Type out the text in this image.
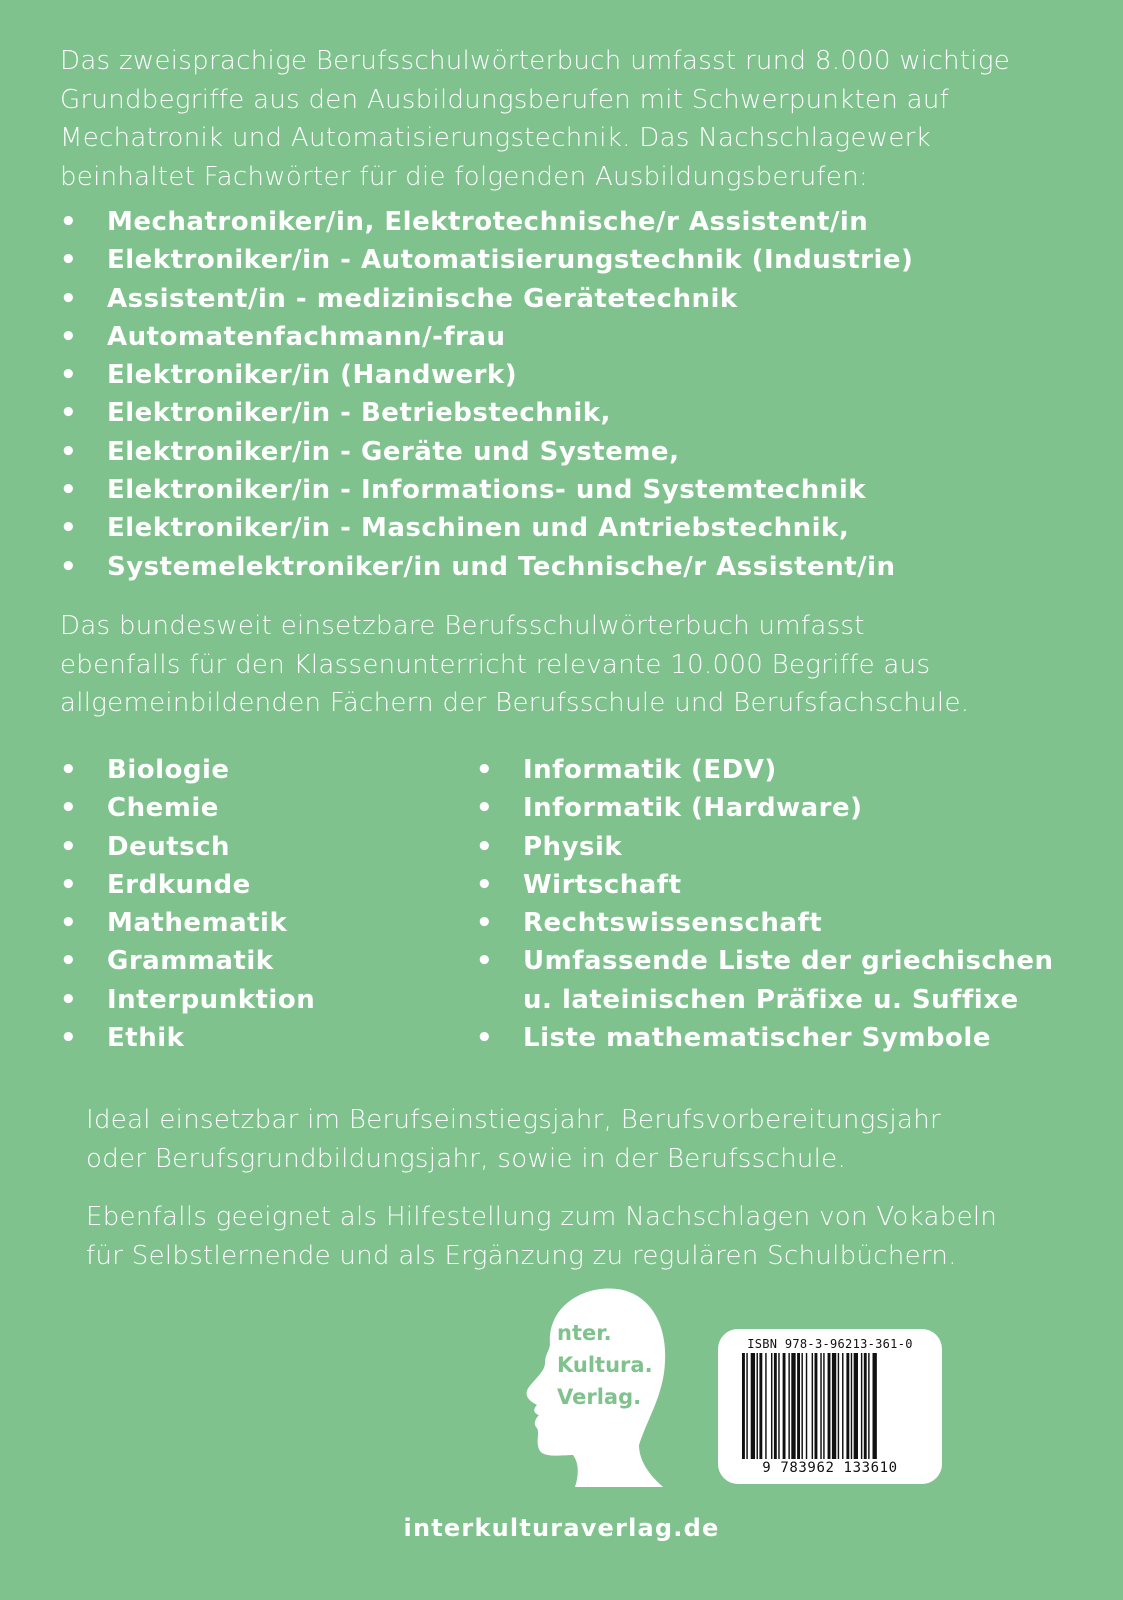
Das zweisprachige Berufsschulwörterbuch umfasst rund 8.000 wichtige

Grundbegriffe aus den Ausbildungsberufen mit Schwerpunkten auf

Mechatronik und Automatisierungstechnik. Das Nachschlagewerk

beinhaltet Fachwörter für die folgenden Ausbildungsberufen:

• Mechatroniker/in, Elektrotechnische/r Assistent/in
• Elektroniker/in - Automatisierungstechnik (Industrie)
• Assistent/in - medizinische Gerätetechnik
• Automatenfachmann/-frau
• Elektroniker/in (Handwerk)
• Elektroniker/in - Betriebstechnik,
• Elektroniker/in - Geräte und Systeme,
• Elektroniker/in - Informations- und Systemtechnik
• Elektroniker/in - Maschinen und Antriebstechnik,
• Systemelektroniker/in und Technische/r Assistent/in

Das bundesweit einsetzbare Berufsschulwörterbuch umfasst

ebenfalls für den Klassenunterricht relevante 10.000 Begriffe aus

allgemeinbildenden Fächern der Berufsschule und Berufsfachschule.

• Biologie
• Chemie
• Deutsch
• Erdkunde
• Mathematik
• Grammatik
• Interpunktion
• Ethik
• Informatik (EDV)
• Informatik (Hardware)
• Physik
• Wirtschaft
• Rechtswissenschaft
• Umfassende Liste der griechischen
u. lateinischen Präfixe u. Suffixe
• Liste mathematischer Symbole

Ideal einsetzbar im Berufseinstiegsjahr, Berufsvorbereitungsjahr
oder Berufsgrundbildungsjahr, sowie in der Berufsschule.

Ebenfalls geeignet als Hilfestellung zum Nachschlagen von Vokabeln
für Selbstlernende und als Ergänzung zu regulären Schulbüchern.

nter.
Kultura.
Verlag.
ISBN 978-3-96213-361-0
9 783962 133610
interkulturaverlag.de
